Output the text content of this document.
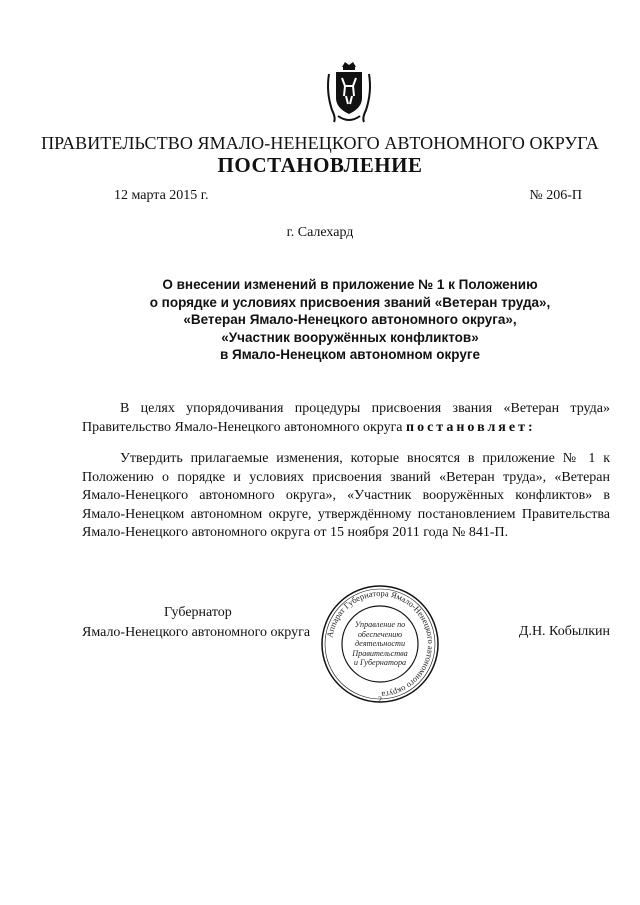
ПРАВИТЕЛЬСТВО ЯМАЛО-НЕНЕЦКОГО АВТОНОМНОГО ОКРУГА
ПОСТАНОВЛЕНИЕ
12 марта 2015 г.	№ 206-П
г. Салехард
О внесении изменений в приложение № 1 к Положению
о порядке и условиях присвоения званий «Ветеран труда»,
«Ветеран Ямало-Ненецкого автономного округа»,
«Участник вооружённых конфликтов»
в Ямало-Ненецком автономном округе
В целях упорядочивания процедуры присвоения звания «Ветеран труда» Правительство Ямало-Ненецкого автономного округа постановляет:
Утвердить прилагаемые изменения, которые вносятся в приложение № 1 к Положению о порядке и условиях присвоения званий «Ветеран труда», «Ветеран Ямало-Ненецкого автономного округа», «Участник вооружённых конфликтов» в Ямало-Ненецком автономном округе, утверждённому постановлением Правительства Ямало-Ненецкого автономного округа от 15 ноября 2011 года № 841-П.
Губернатор
Ямало-Ненецкого автономного округа	Д.Н. Кобылкин
Аппарат Губернатора Ямало-Ненецкого автономного округа
2
Управление по
обеспечению
деятельности
Правительства
и Губернатора
